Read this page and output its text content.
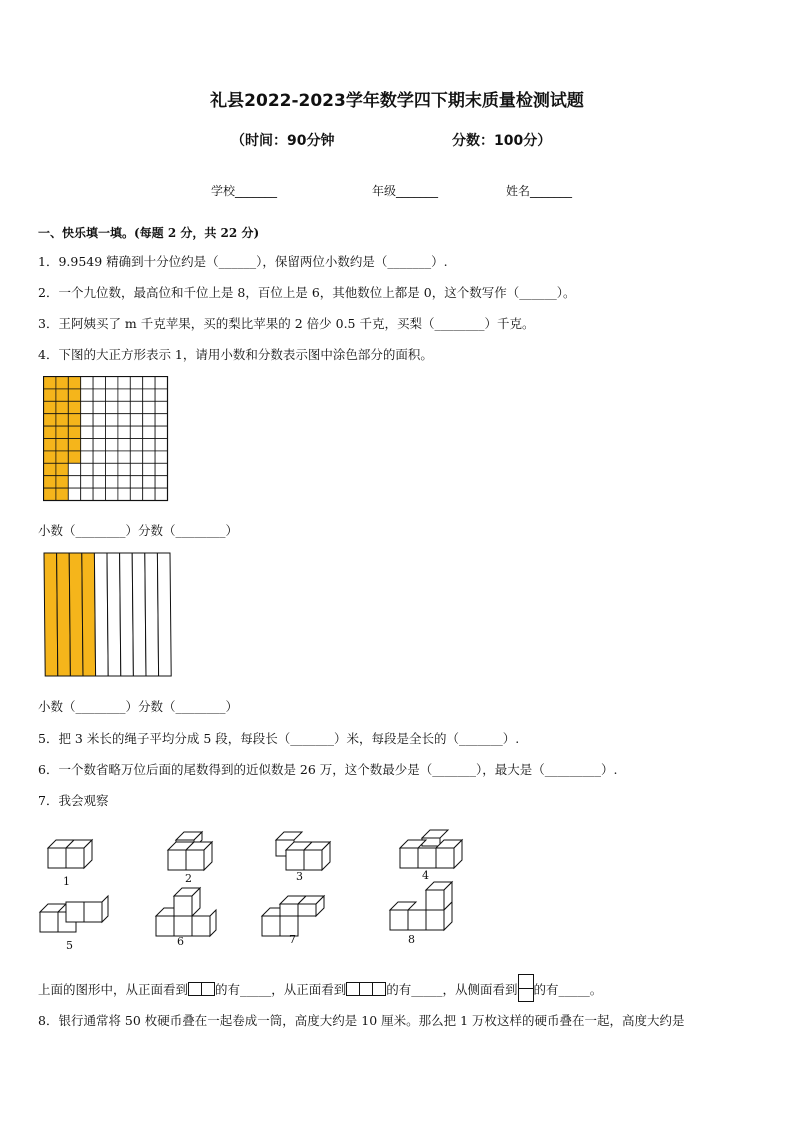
礼县2022-2023学年数学四下期末质量检测试题
（时间：90分钟	分数：100分）
学校_______	年级_______	姓名_______
一、快乐填一填。(每题 2 分，共 22 分)
1．9.9549 精确到十分位约是（______），保留两位小数约是（_______）.
2．一个九位数，最高位和千位上是 8，百位上是 6，其他数位上都是 0，这个数写作（______）。
3．王阿姨买了 m 千克苹果，买的梨比苹果的 2 倍少 0.5 千克，买梨（________）千克。
4．下图的大正方形表示 1，请用小数和分数表示图中涂色部分的面积。
小数（________）分数（________）
小数（________）分数（________）
5．把 3 米长的绳子平均分成 5 段，每段长（_______）米，每段是全长的（_______）.
6．一个数省略万位后面的尾数得到的近似数是 26 万，这个数最少是（_______），最大是（_________）.
7．我会观察
1	2	3	4
5	6	7	8
上面的图形中，从正面看到 的有_____，从正面看到	的有_____，从侧面看到 的有_____。
8．银行通常将 50 枚硬币叠在一起卷成一筒，高度大约是 10 厘米。那么把 1 万枚这样的硬币叠在一起，高度大约是
